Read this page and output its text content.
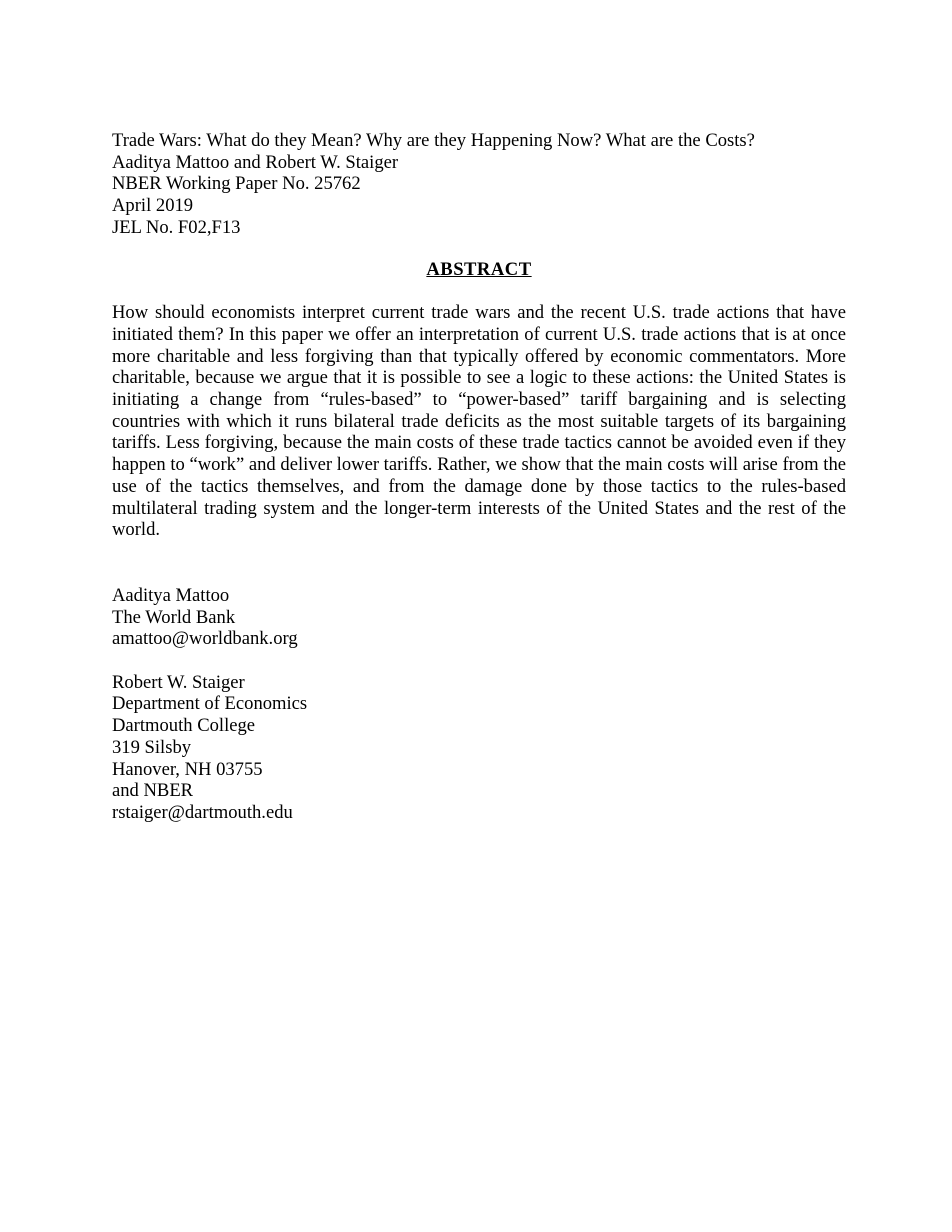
Trade Wars: What do they Mean? Why are they Happening Now? What are the Costs?
Aaditya Mattoo and Robert W. Staiger
NBER Working Paper No. 25762
April 2019
JEL No. F02,F13
ABSTRACT
How should economists interpret current trade wars and the recent U.S. trade actions that have initiated them? In this paper we offer an interpretation of current U.S. trade actions that is at once more charitable and less forgiving than that typically offered by economic commentators. More charitable, because we argue that it is possible to see a logic to these actions: the United States is initiating a change from “rules-based” to “power-based” tariff bargaining and is selecting countries with which it runs bilateral trade deficits as the most suitable targets of its bargaining tariffs. Less forgiving, because the main costs of these trade tactics cannot be avoided even if they happen to “work” and deliver lower tariffs. Rather, we show that the main costs will arise from the use of the tactics themselves, and from the damage done by those tactics to the rules-based multilateral trading system and the longer-term interests of the United States and the rest of the world.
Aaditya Mattoo
The World Bank
amattoo@worldbank.org
Robert W. Staiger
Department of Economics
Dartmouth College
319 Silsby
Hanover, NH 03755
and NBER
rstaiger@dartmouth.edu
